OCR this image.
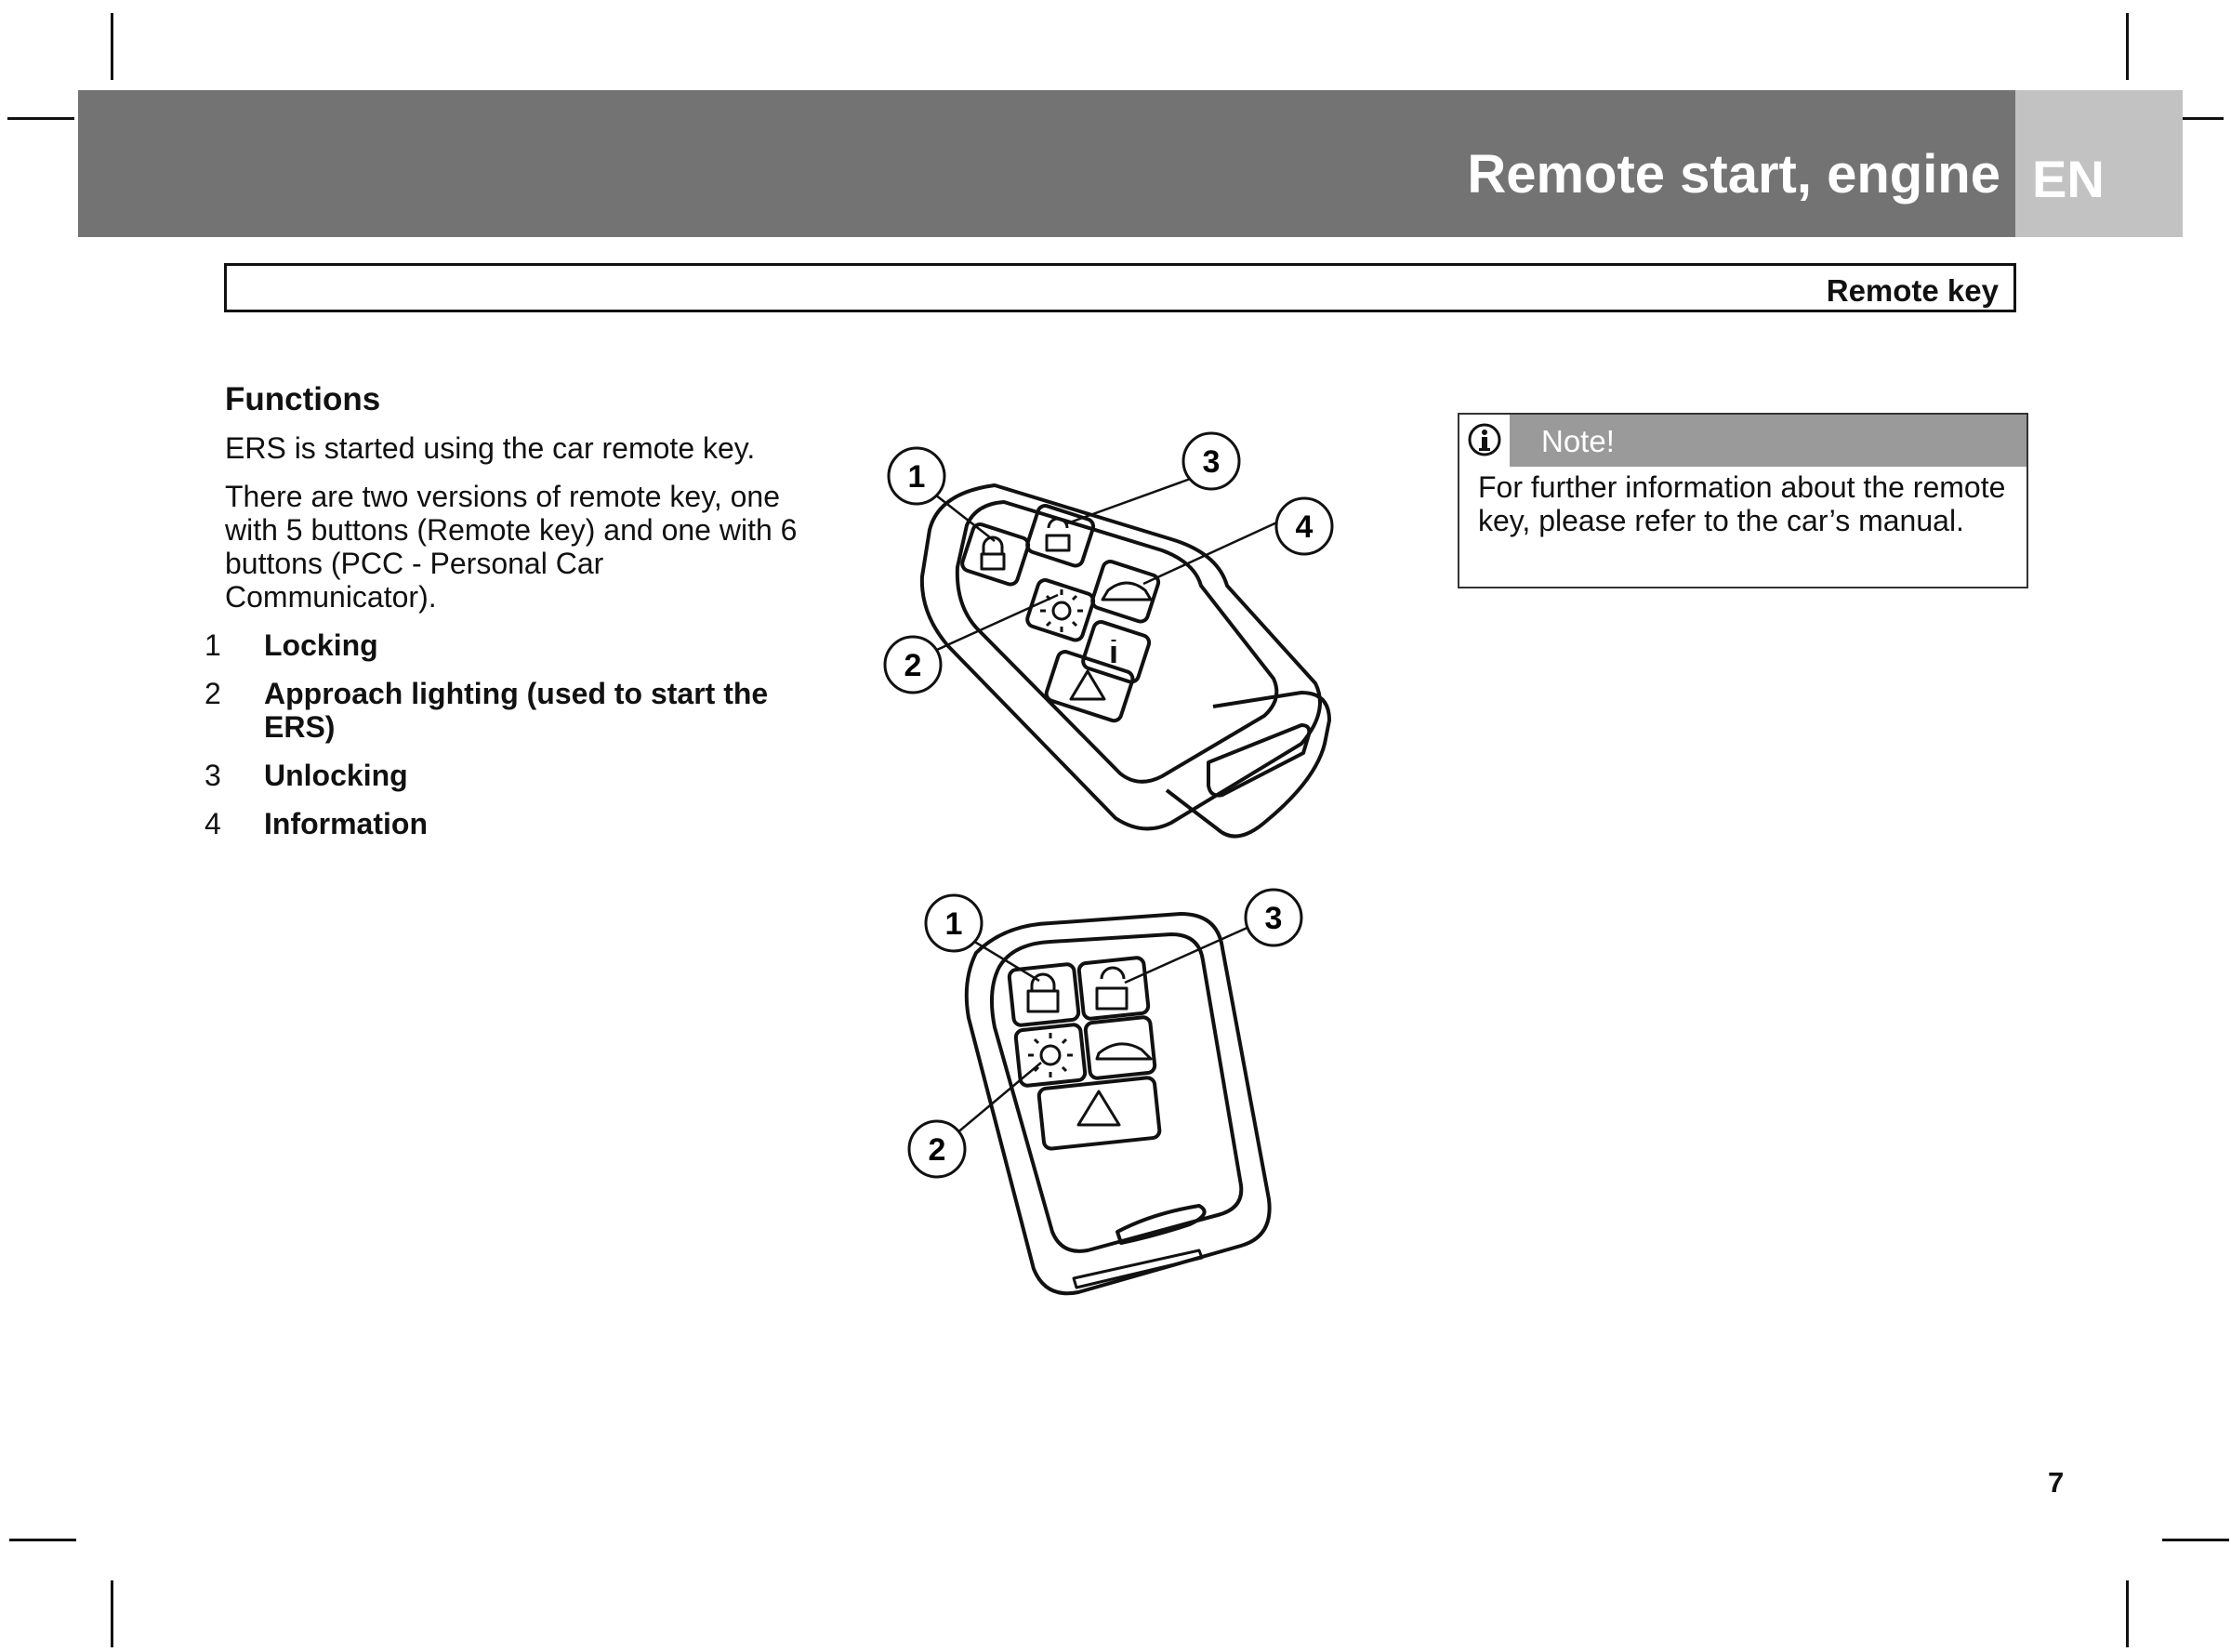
Remote start, engine EN
Remote key
Functions

ERS is started using the car remote key.

There are two versions of remote key, one with 5 buttons (Remote key) and one with 6 buttons (PCC - Personal Car Communicator).

1 Locking
2 Approach lighting (used to start the ERS)
3 Unlocking
4 Information
1	3
4
2
1	3
2
Note!
For further information about the remote key, please refer to the car’s manual.
7
